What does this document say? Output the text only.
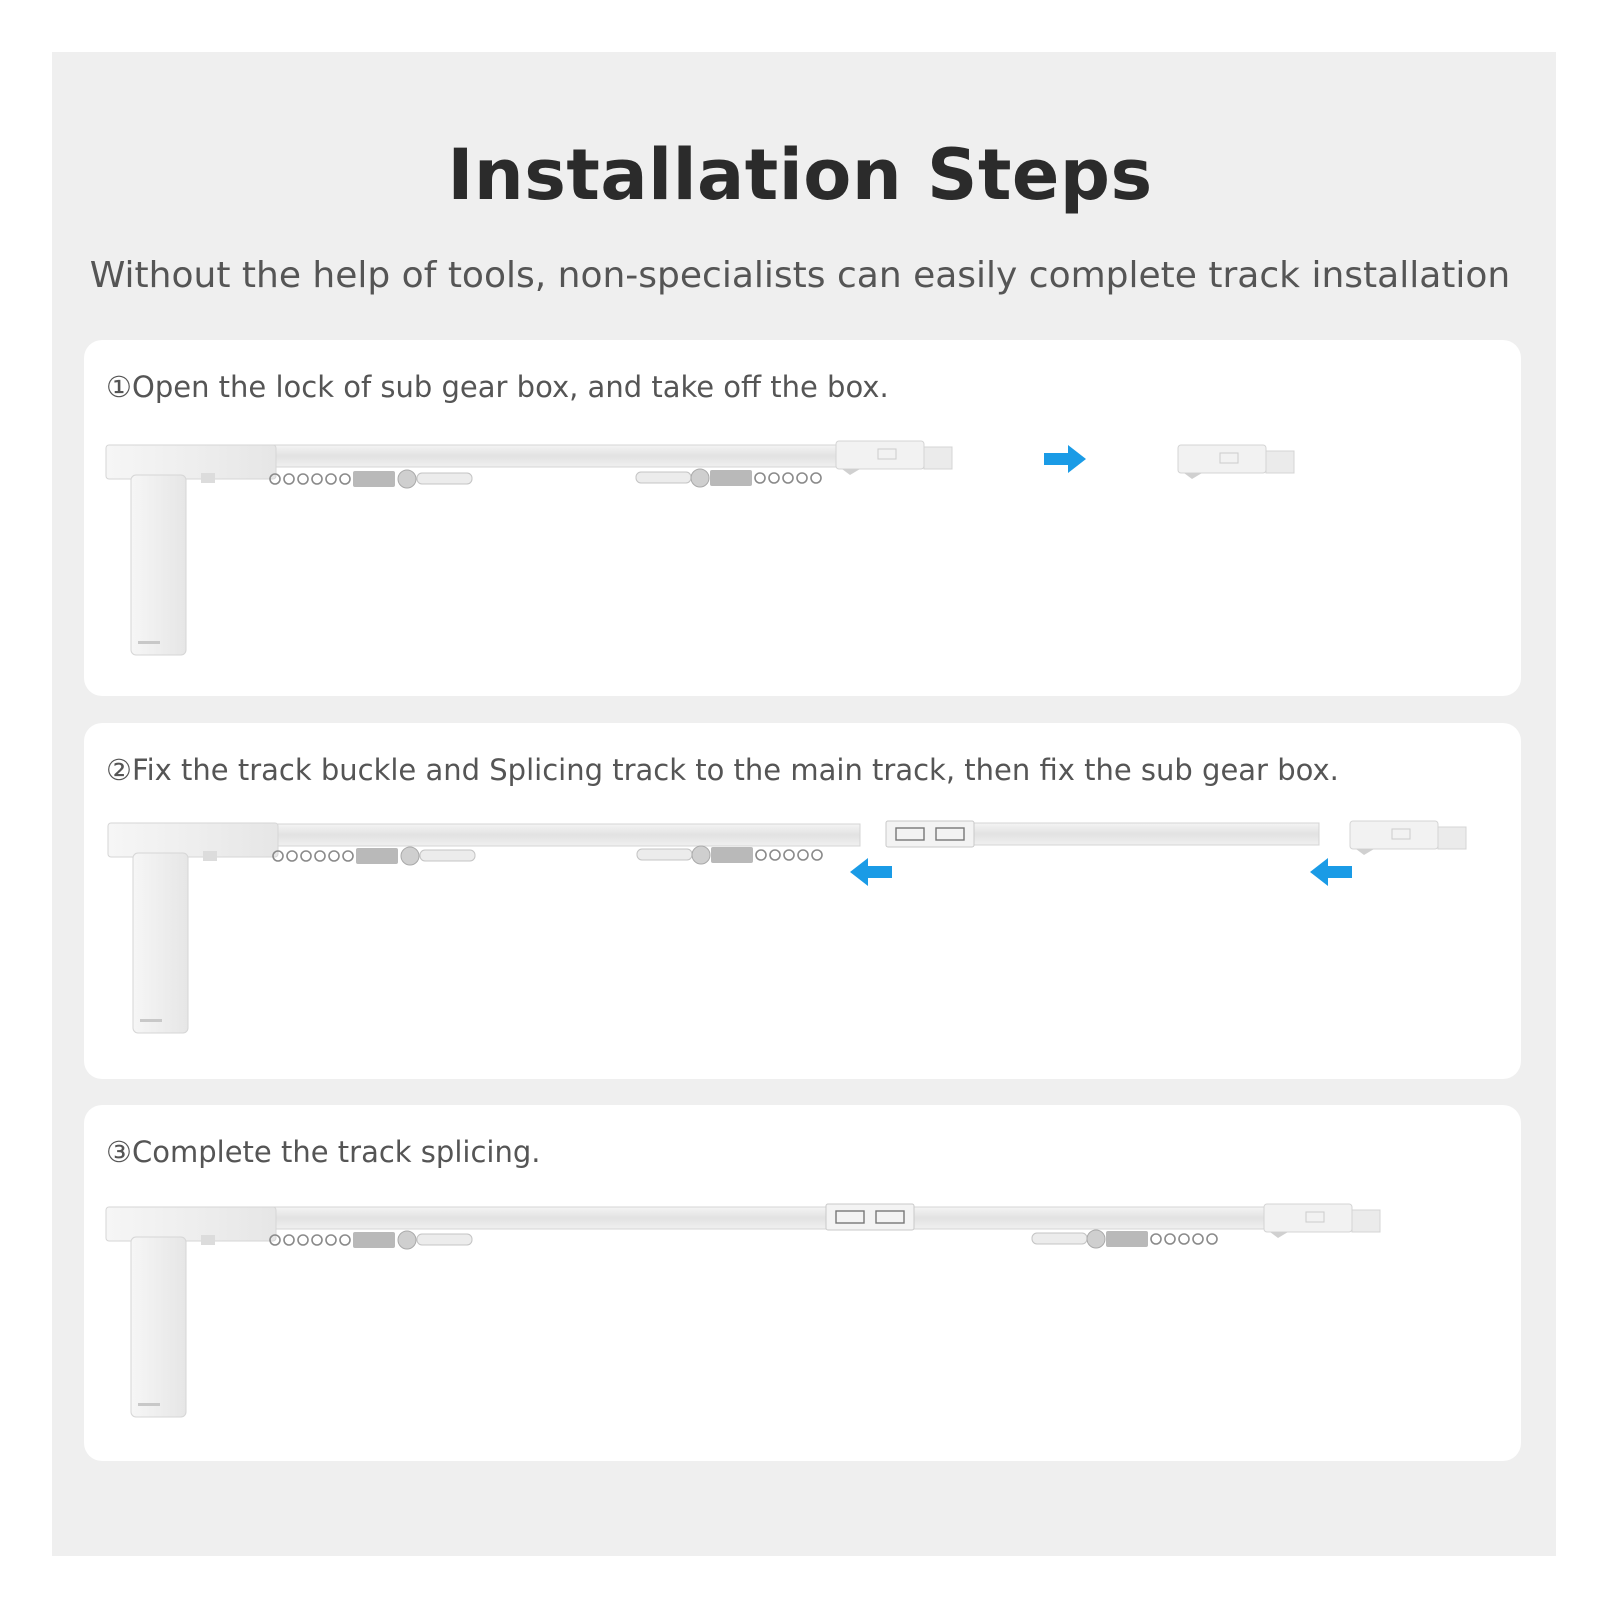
Installation Steps
Without the help of tools, non-specialists can easily complete track installation
①Open the lock of sub gear box, and take off the box.
②Fix the track buckle and Splicing track to the main track, then fix the sub gear box.
③Complete the track splicing.
